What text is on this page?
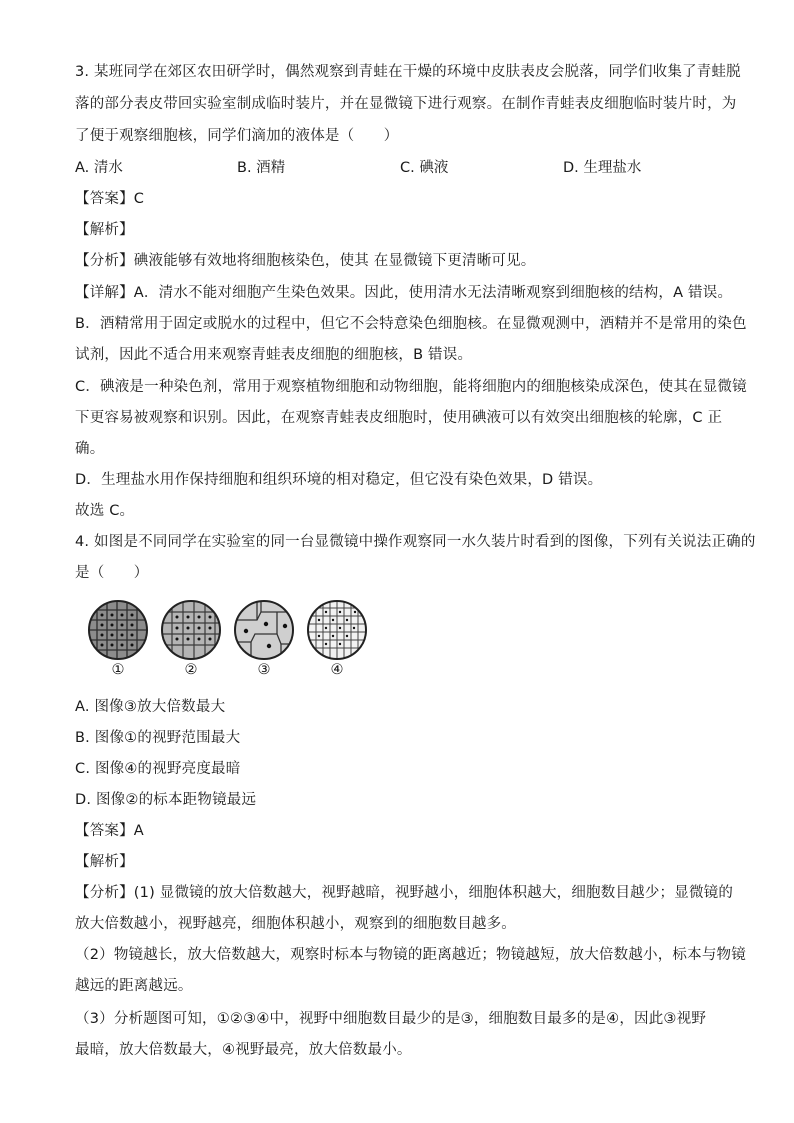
3. 某班同学在郊区农田研学时，偶然观察到青蛙在干燥的环境中皮肤表皮会脱落，同学们收集了青蛙脱
落的部分表皮带回实验室制成临时装片，并在显微镜下进行观察。在制作青蛙表皮细胞临时装片时，为
了便于观察细胞核，同学们滴加的液体是（　　）
A. 清水	B. 酒精	C. 碘液	D. 生理盐水
【答案】C
【解析】
【分析】碘液能够有效地将细胞核染色，使其 在显微镜下更清晰可见。
【详解】A．清水不能对细胞产生染色效果。因此，使用清水无法清晰观察到细胞核的结构，A 错误。
B．酒精常用于固定或脱水的过程中，但它不会特意染色细胞核。在显微观测中，酒精并不是常用的染色
试剂，因此不适合用来观察青蛙表皮细胞的细胞核，B 错误。
C．碘液是一种染色剂，常用于观察植物细胞和动物细胞，能将细胞内的细胞核染成深色，使其在显微镜
下更容易被观察和识别。因此，在观察青蛙表皮细胞时，使用碘液可以有效突出细胞核的轮廓，C 正
确。
D．生理盐水用作保持细胞和组织环境的相对稳定，但它没有染色效果，D 错误。
故选 C。
4. 如图是不同同学在实验室的同一台显微镜中操作观察同一水久装片时看到的图像，下列有关说法正确的
是（　　）
①	②	③	④
A. 图像③放大倍数最大
B. 图像①的视野范围最大
C. 图像④的视野亮度最暗
D. 图像②的标本距物镜最远
【答案】A
【解析】
【分析】(1) 显微镜的放大倍数越大，视野越暗，视野越小，细胞体积越大，细胞数目越少；显微镜的
放大倍数越小，视野越亮，细胞体积越小，观察到的细胞数目越多。
（2）物镜越长，放大倍数越大，观察时标本与物镜的距离越近；物镜越短，放大倍数越小，标本与物镜
越远的距离越远。
（3）分析题图可知，①②③④中，视野中细胞数目最少的是③，细胞数目最多的是④，因此③视野
最暗，放大倍数最大，④视野最亮，放大倍数最小。
